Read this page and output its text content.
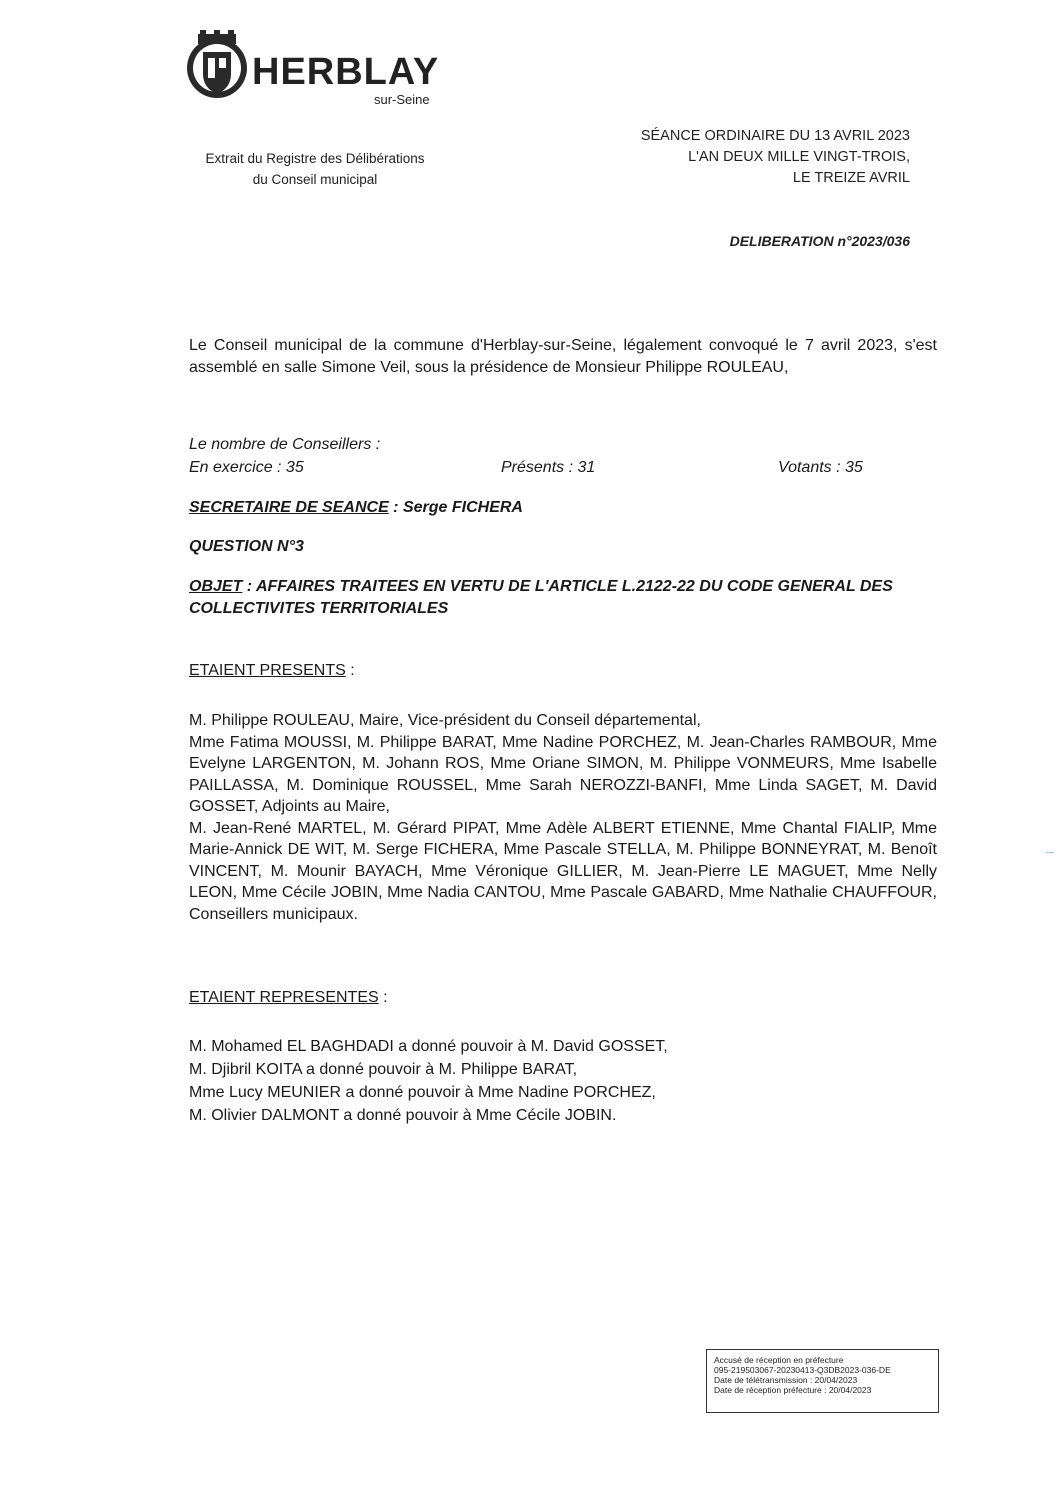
HERBLAY
sur-Seine
Extrait du Registre des Délibérations
du Conseil municipal
SÉANCE ORDINAIRE DU 13 AVRIL 2023
L'AN DEUX MILLE VINGT-TROIS,
LE TREIZE AVRIL
DELIBERATION n°2023/036
Le Conseil municipal de la commune d'Herblay-sur-Seine, légalement convoqué le 7 avril 2023, s'est assemblé en salle Simone Veil, sous la présidence de Monsieur Philippe ROULEAU,
Le nombre de Conseillers :
En exercice : 35	Présents : 31	Votants : 35
SECRETAIRE DE SEANCE : Serge FICHERA
QUESTION N°3
OBJET : AFFAIRES TRAITEES EN VERTU DE L'ARTICLE L.2122-22 DU CODE GENERAL DES COLLECTIVITES TERRITORIALES
ETAIENT PRESENTS :
M. Philippe ROULEAU, Maire, Vice-président du Conseil départemental,
Mme Fatima MOUSSI, M. Philippe BARAT, Mme Nadine PORCHEZ, M. Jean-Charles RAMBOUR, Mme Evelyne LARGENTON, M. Johann ROS, Mme Oriane SIMON, M. Philippe VONMEURS, Mme Isabelle PAILLASSA, M. Dominique ROUSSEL, Mme Sarah NEROZZI-BANFI, Mme Linda SAGET, M. David GOSSET, Adjoints au Maire,
M. Jean-René MARTEL, M. Gérard PIPAT, Mme Adèle ALBERT ETIENNE, Mme Chantal FIALIP, Mme Marie-Annick DE WIT, M. Serge FICHERA, Mme Pascale STELLA, M. Philippe BONNEYRAT, M. Benoît VINCENT, M. Mounir BAYACH, Mme Véronique GILLIER, M. Jean-Pierre LE MAGUET, Mme Nelly LEON, Mme Cécile JOBIN, Mme Nadia CANTOU, Mme Pascale GABARD, Mme Nathalie CHAUFFOUR, Conseillers municipaux.
ETAIENT REPRESENTES :
M. Mohamed EL BAGHDADI a donné pouvoir à M. David GOSSET,
M. Djibril KOITA a donné pouvoir à M. Philippe BARAT,
Mme Lucy MEUNIER a donné pouvoir à Mme Nadine PORCHEZ,
M. Olivier DALMONT a donné pouvoir à Mme Cécile JOBIN.
Accusé de réception en préfecture
095-219503067-20230413-Q3DB2023-036-DE
Date de télétransmission : 20/04/2023
Date de réception préfecture : 20/04/2023
